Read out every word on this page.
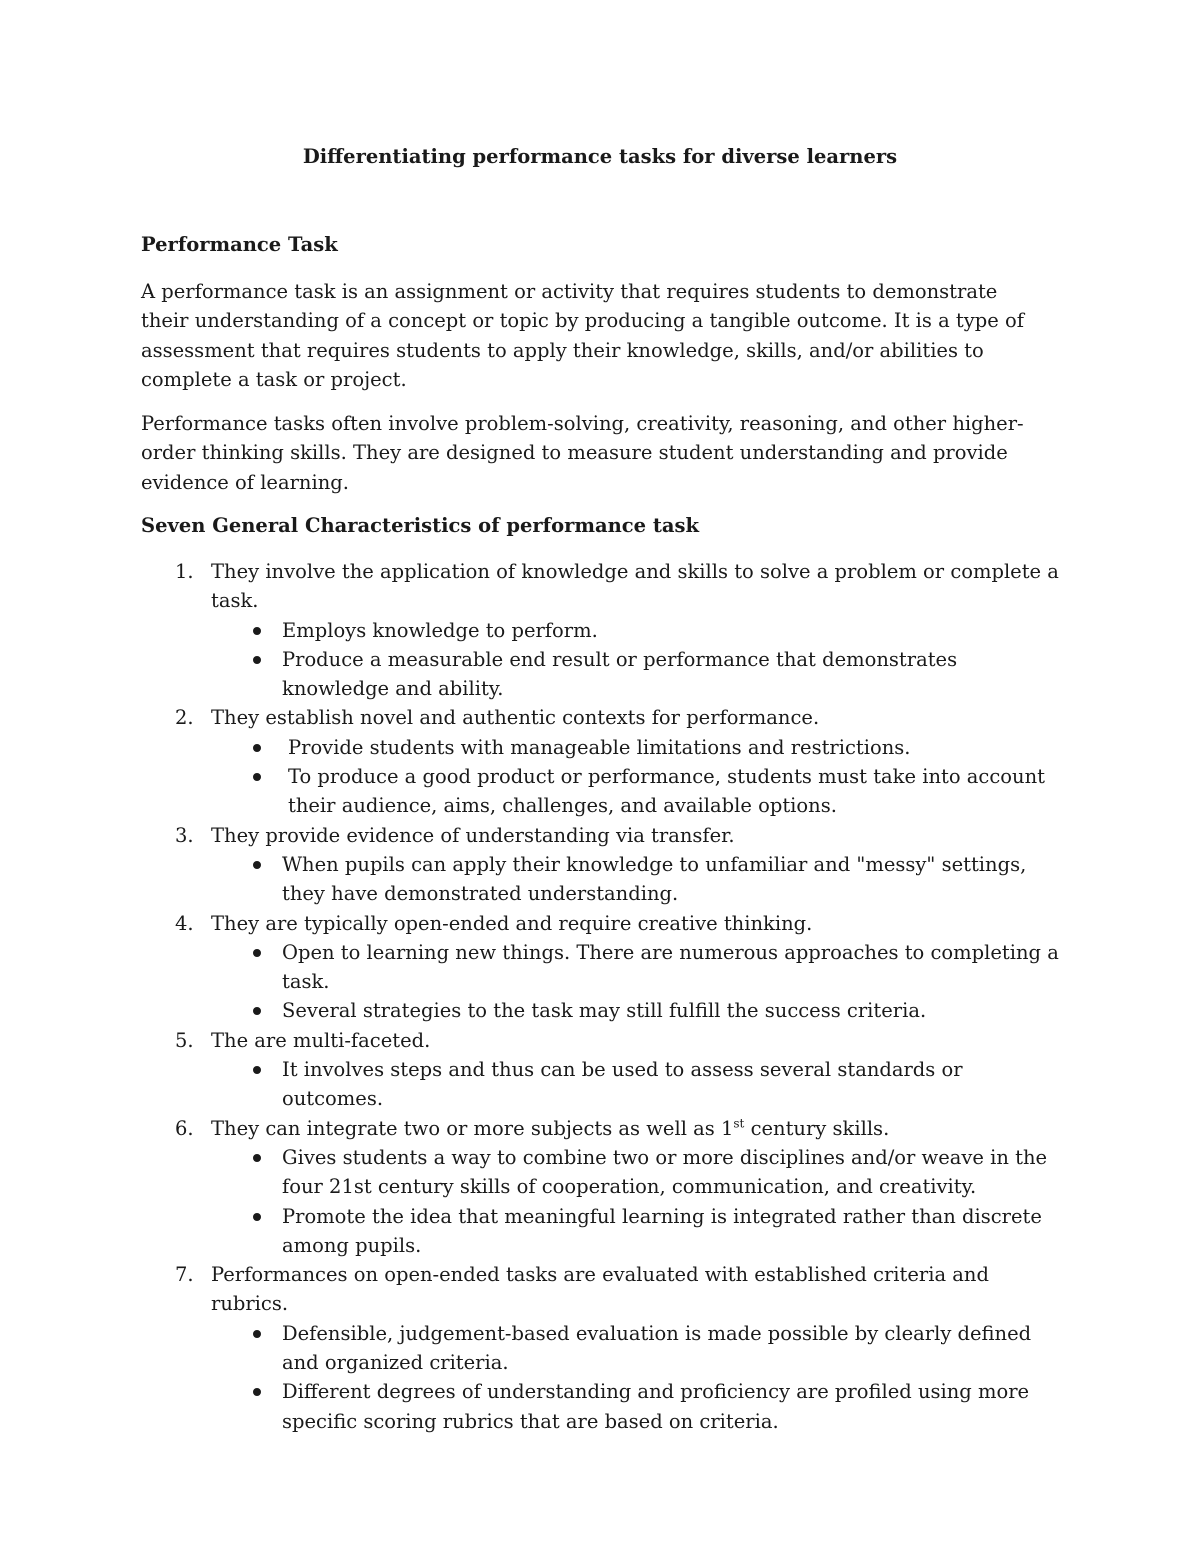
Differentiating performance tasks for diverse learners
Performance Task

A performance task is an assignment or activity that requires students to demonstrate their understanding of a concept or topic by producing a tangible outcome. It is a type of assessment that requires students to apply their knowledge, skills, and/or abilities to complete a task or project.

Performance tasks often involve problem-solving, creativity, reasoning, and other higher-order thinking skills. They are designed to measure student understanding and provide evidence of learning.

Seven General Characteristics of performance task
1. They involve the application of knowledge and skills to solve a problem or complete a task.
Employs knowledge to perform.
Produce a measurable end result or performance that demonstrates knowledge and ability.
2. They establish novel and authentic contexts for performance.
Provide students with manageable limitations and restrictions.
To produce a good product or performance, students must take into account their audience, aims, challenges, and available options.
3. They provide evidence of understanding via transfer.
When pupils can apply their knowledge to unfamiliar and "messy" settings, they have demonstrated understanding.
4. They are typically open-ended and require creative thinking.
Open to learning new things. There are numerous approaches to completing a task.
Several strategies to the task may still fulfill the success criteria.
5. The are multi-faceted.
It involves steps and thus can be used to assess several standards or outcomes.
6. They can integrate two or more subjects as well as 1st century skills.
Gives students a way to combine two or more disciplines and/or weave in the four 21st century skills of cooperation, communication, and creativity.
Promote the idea that meaningful learning is integrated rather than discrete among pupils.
7. Performances on open-ended tasks are evaluated with established criteria and rubrics.
Defensible, judgement-based evaluation is made possible by clearly defined and organized criteria.
Different degrees of understanding and proficiency are profiled using more specific scoring rubrics that are based on criteria.
